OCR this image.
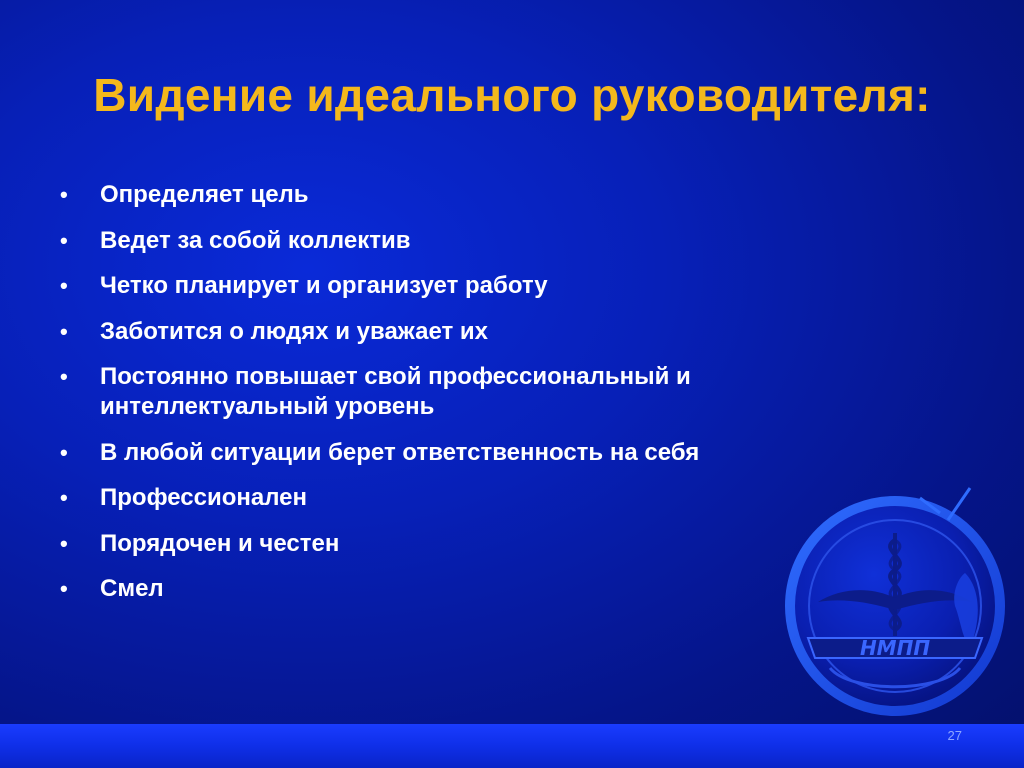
Видение идеального руководителя:
•	Определяет цель
•	Ведет за собой коллектив
•	Четко планирует и организует работу
•	Заботится о людях и уважает их
•	Постоянно повышает свой профессиональный и интеллектуальный уровень
•	В любой ситуации берет ответственность на себя
•	Профессионален
•	Порядочен и честен
•	Смел
НМПП
27
